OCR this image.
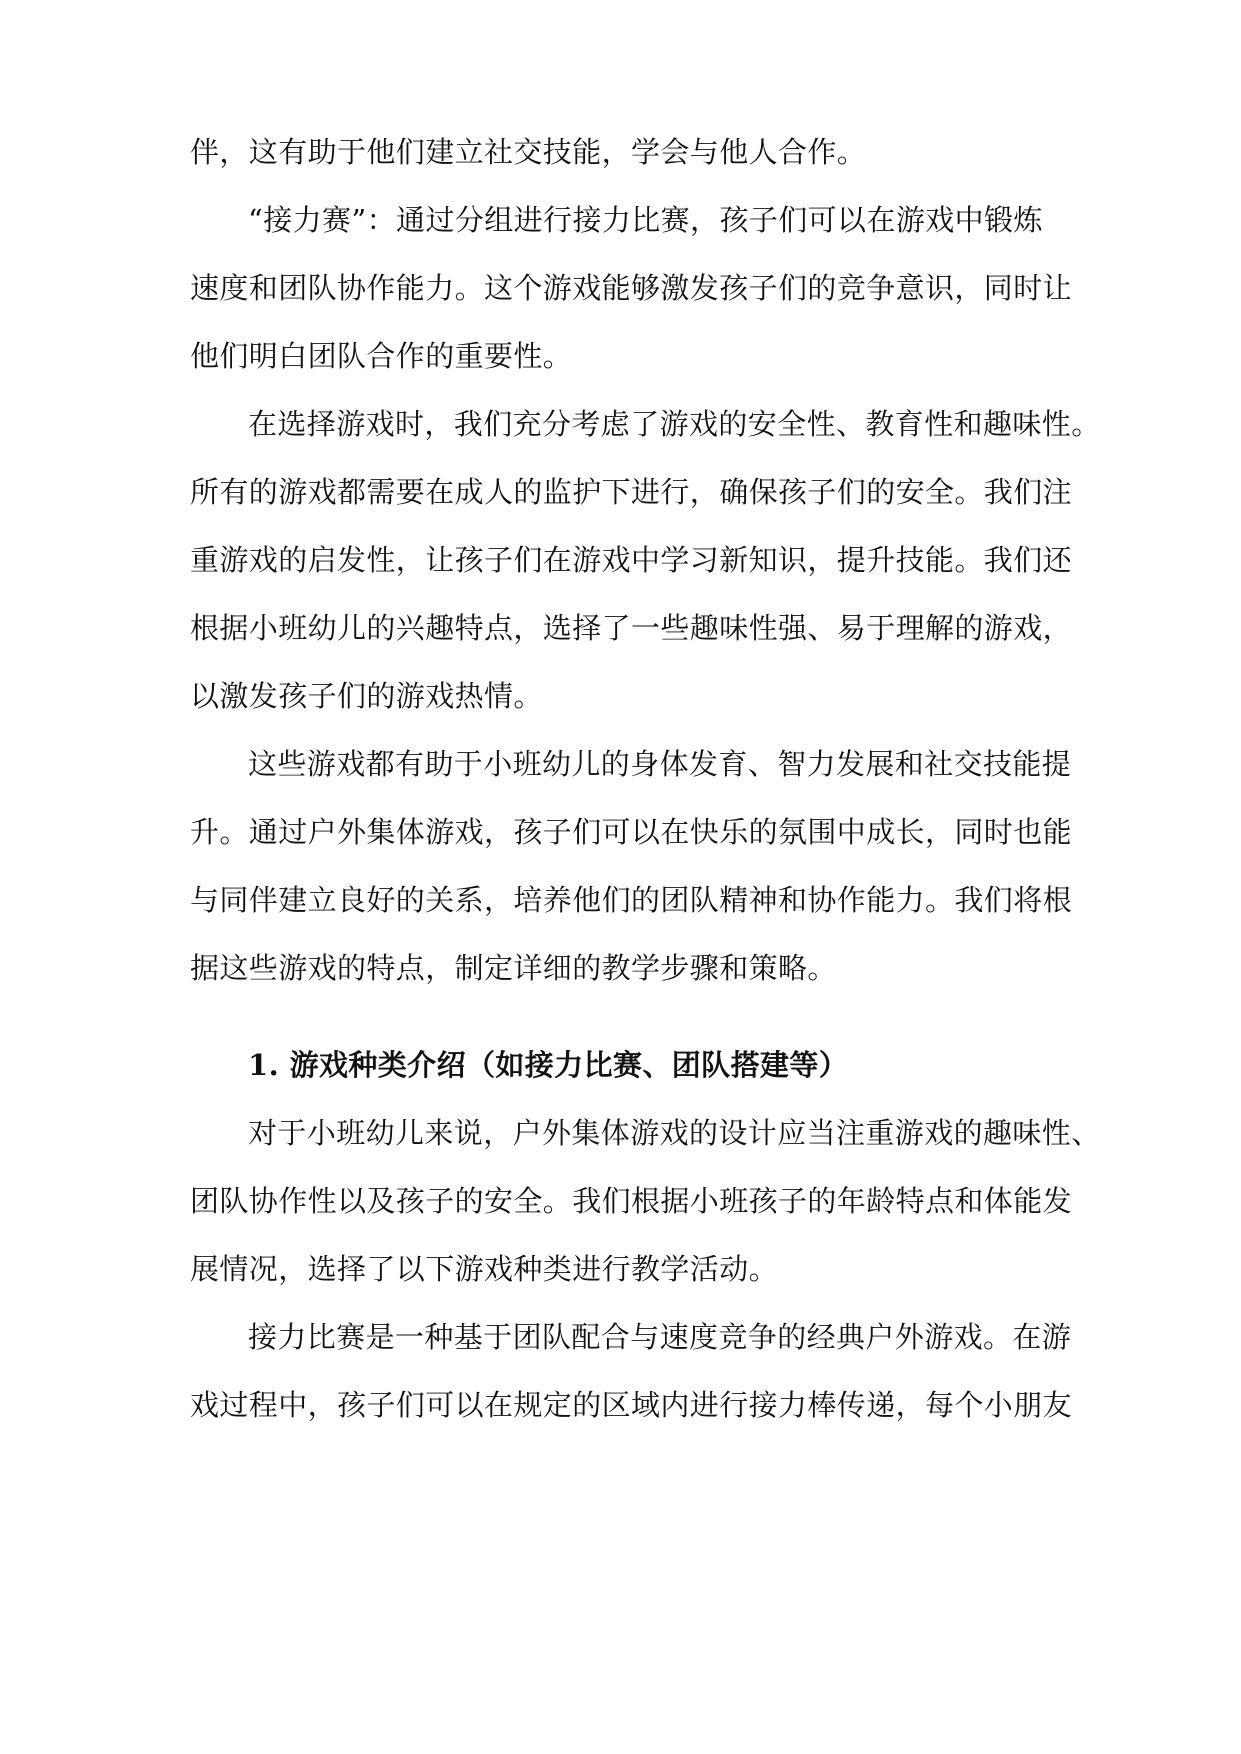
伴，这有助于他们建立社交技能，学会与他人合作。
“接力赛”：通过分组进行接力比赛，孩子们可以在游戏中锻炼
速度和团队协作能力。这个游戏能够激发孩子们的竞争意识，同时让
他们明白团队合作的重要性。
在选择游戏时，我们充分考虑了游戏的安全性、教育性和趣味性。
所有的游戏都需要在成人的监护下进行，确保孩子们的安全。我们注
重游戏的启发性，让孩子们在游戏中学习新知识，提升技能。我们还
根据小班幼儿的兴趣特点，选择了一些趣味性强、易于理解的游戏，
以激发孩子们的游戏热情。
这些游戏都有助于小班幼儿的身体发育、智力发展和社交技能提
升。通过户外集体游戏，孩子们可以在快乐的氛围中成长，同时也能
与同伴建立良好的关系，培养他们的团队精神和协作能力。我们将根
据这些游戏的特点，制定详细的教学步骤和策略。
1. 游戏种类介绍（如接力比赛、团队搭建等）
对于小班幼儿来说，户外集体游戏的设计应当注重游戏的趣味性、
团队协作性以及孩子的安全。我们根据小班孩子的年龄特点和体能发
展情况，选择了以下游戏种类进行教学活动。
接力比赛是一种基于团队配合与速度竞争的经典户外游戏。在游
戏过程中，孩子们可以在规定的区域内进行接力棒传递，每个小朋友
